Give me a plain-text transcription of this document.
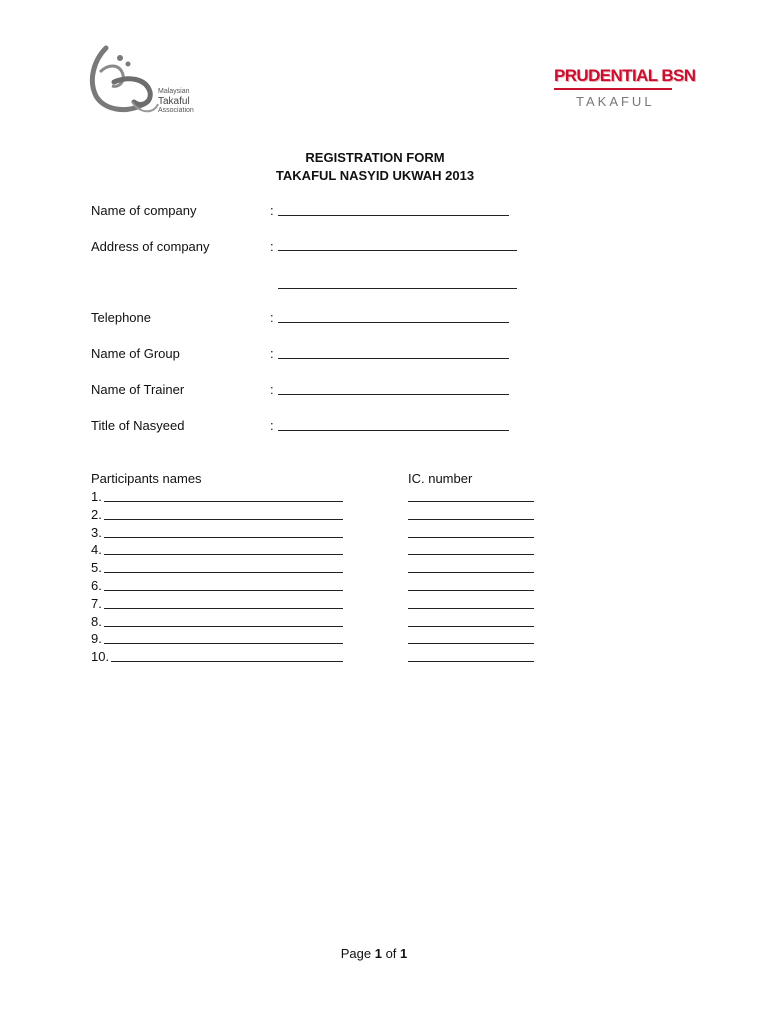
Malaysian
Takaful
Association
PRUDENTIAL BSN
TAKAFUL
REGISTRATION FORM
TAKAFUL NASYID UKWAH 2013
Name of company	:
Address of company	:
Telephone	:
Name of Group	:
Name of Trainer	:
Title of Nasyeed	:
Participants names	IC. number
1.
2.
3.
4.
5.
6.
7.
8.
9.
10.
Page 1 of 1
